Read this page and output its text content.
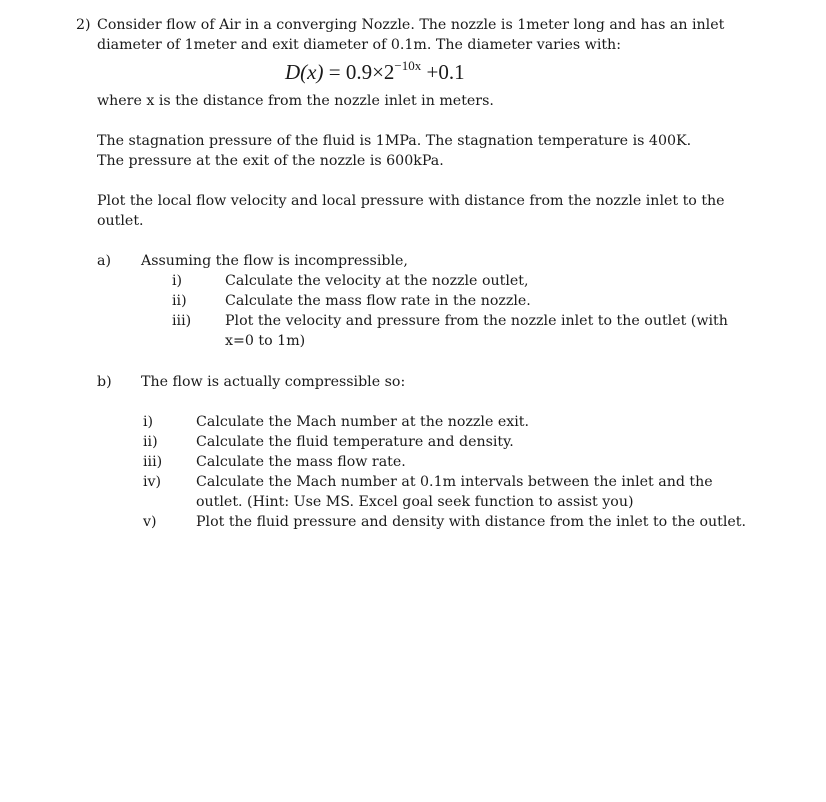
2) Consider flow of Air in a converging Nozzle. The nozzle is 1meter long and has an inlet
diameter of 1meter and exit diameter of 0.1m. The diameter varies with:
$D(x) = 0.9\times 2^{-10x} +0.1$
where x is the distance from the nozzle inlet in meters.
The stagnation pressure of the fluid is 1MPa. The stagnation temperature is 400K.
The pressure at the exit of the nozzle is 600kPa.
Plot the local flow velocity and local pressure with distance from the nozzle inlet to the
outlet.
a) Assuming the flow is incompressible,
i)	Calculate the velocity at the nozzle outlet,
ii)	Calculate the mass flow rate in the nozzle.
iii) Plot the velocity and pressure from the nozzle inlet to the outlet (with
x=0 to 1m)
b) The flow is actually compressible so:
i)	Calculate the Mach number at the nozzle exit.
ii)	Calculate the fluid temperature and density.
iii) Calculate the mass flow rate.
iv) Calculate the Mach number at 0.1m intervals between the inlet and the
outlet. (Hint: Use MS. Excel goal seek function to assist you)
v)	Plot the fluid pressure and density with distance from the inlet to the outlet.
